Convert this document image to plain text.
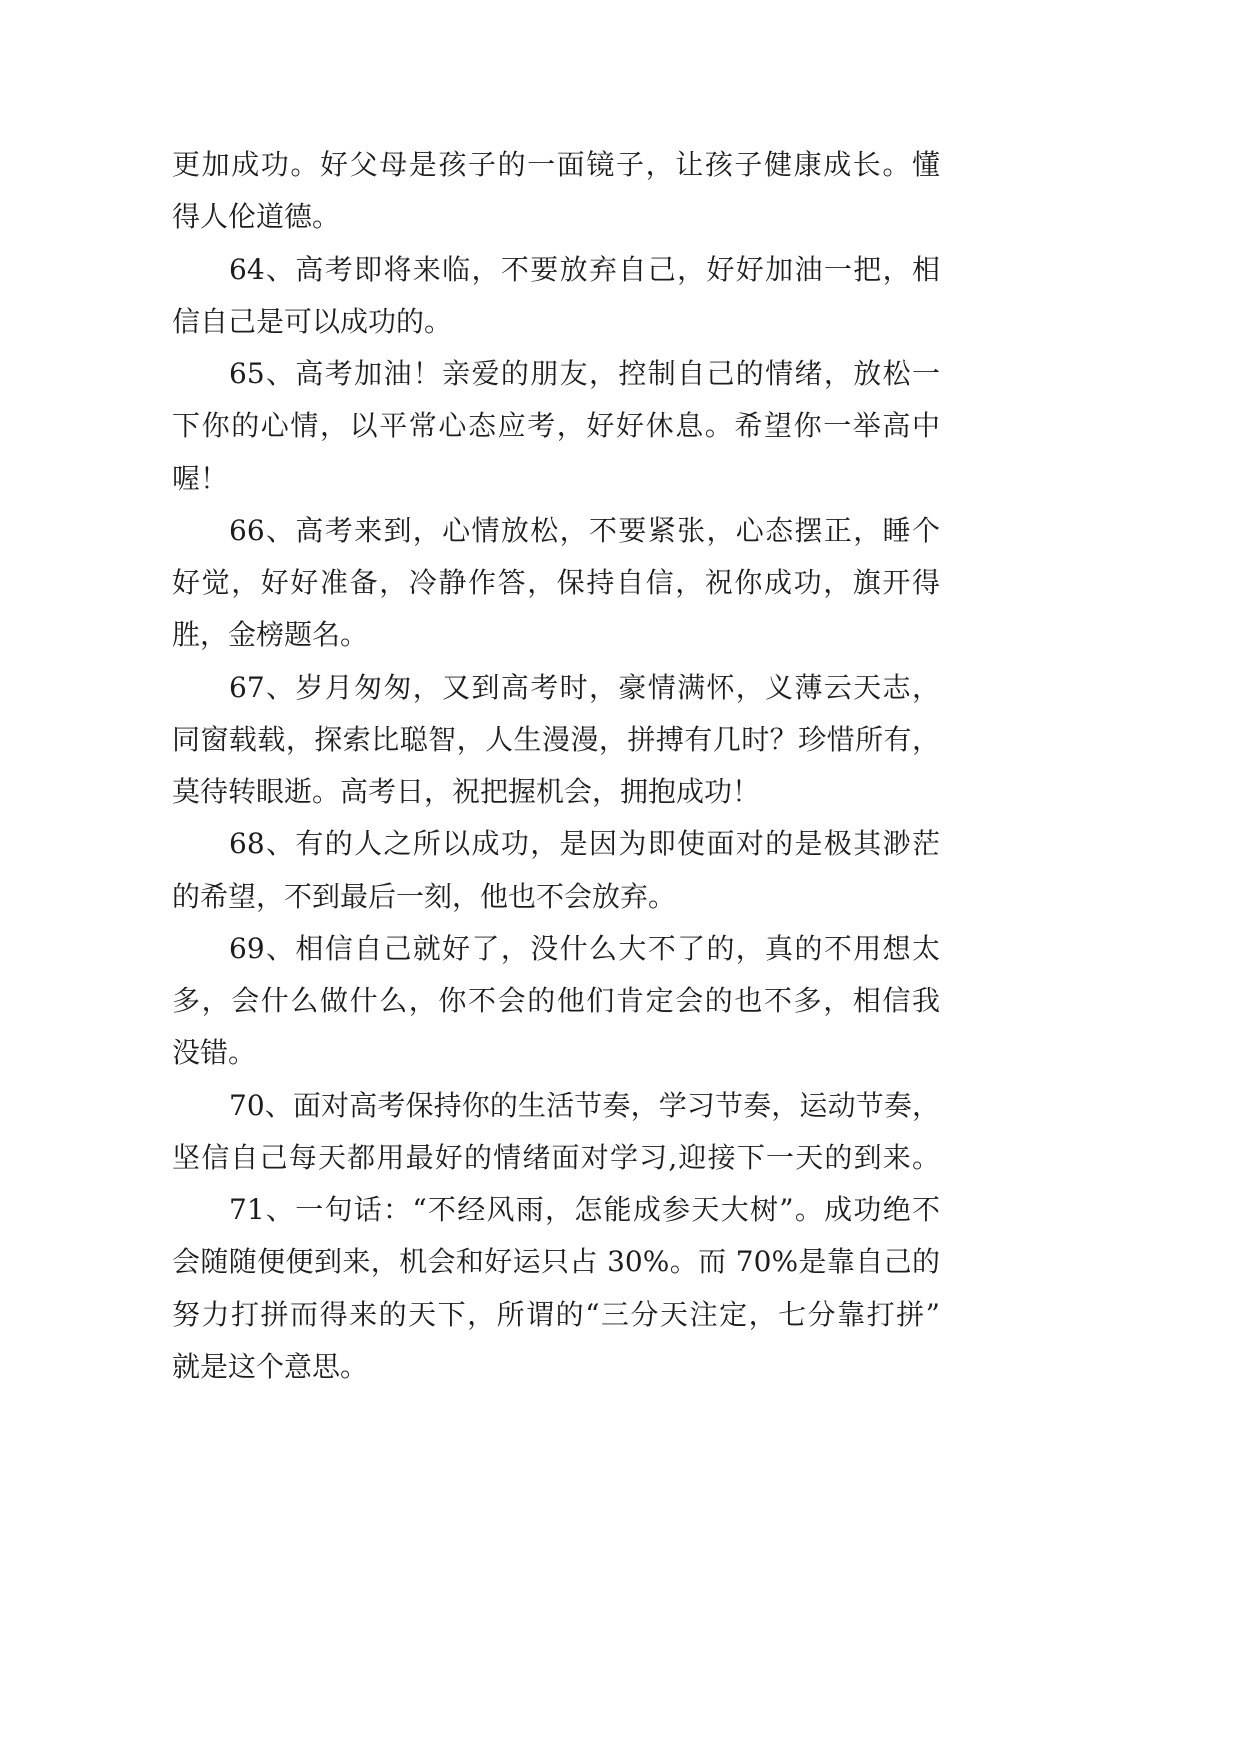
更加成功。好父母是孩子的一面镜子，让孩子健康成长。懂
得人伦道德。
64、高考即将来临，不要放弃自己，好好加油一把，相
信自己是可以成功的。
65、高考加油！亲爱的朋友，控制自己的情绪，放松一
下你的心情，以平常心态应考，好好休息。希望你一举高中
喔！
66、高考来到，心情放松，不要紧张，心态摆正，睡个
好觉，好好准备，冷静作答，保持自信，祝你成功，旗开得
胜，金榜题名。
67、岁月匆匆，又到高考时，豪情满怀，义薄云天志，
同窗载载，探索比聪智，人生漫漫，拼搏有几时？珍惜所有，
莫待转眼逝。高考日，祝把握机会，拥抱成功！
68、有的人之所以成功，是因为即使面对的是极其渺茫
的希望，不到最后一刻，他也不会放弃。
69、相信自己就好了，没什么大不了的，真的不用想太
多，会什么做什么，你不会的他们肯定会的也不多，相信我
没错。
70、面对高考保持你的生活节奏，学习节奏，运动节奏，
坚信自己每天都用最好的情绪面对学习,迎接下一天的到来。
71、一句话：“不经风雨，怎能成参天大树”。成功绝不
会随随便便到来，机会和好运只占 30%。而 70%是靠自己的
努力打拼而得来的天下，所谓的“三分天注定，七分靠打拼”
就是这个意思。
